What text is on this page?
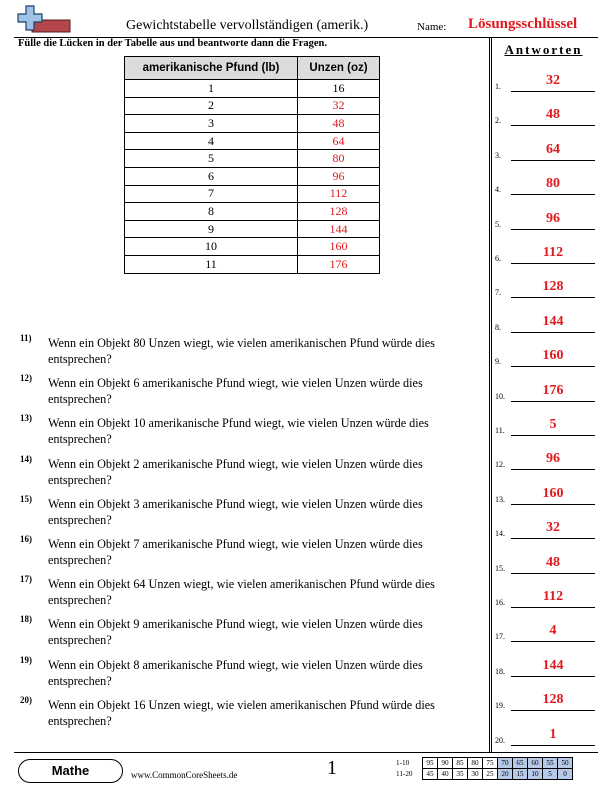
Gewichtstabelle vervollständigen (amerik.)	Name: Lösungsschlüssel
Antworten
1.	32
2.	48
3.	64
4.	80
5.	96
6.	112
7.	128
8.	144
9.	160
10.	176
11.	5
12.	96
13.	160
14.	32
15.	48
16.	112
17.	4
18.	144
19.	128
20.	1
Fülle die Lücken in der Tabelle aus und beantworte dann die Fragen.
amerikanische Pfund (lb)	Unzen (oz)
1	16
2	32
3	48
4	64
5	80
6	96
7	112
8	128
9	144
10	160
11	176
11) Wenn ein Objekt 80 Unzen wiegt, wie vielen amerikanischen Pfund würde dies entsprechen?
12) Wenn ein Objekt 6 amerikanische Pfund wiegt, wie vielen Unzen würde dies entsprechen?
13) Wenn ein Objekt 10 amerikanische Pfund wiegt, wie vielen Unzen würde dies entsprechen?
14) Wenn ein Objekt 2 amerikanische Pfund wiegt, wie vielen Unzen würde dies entsprechen?
15) Wenn ein Objekt 3 amerikanische Pfund wiegt, wie vielen Unzen würde dies entsprechen?
16) Wenn ein Objekt 7 amerikanische Pfund wiegt, wie vielen Unzen würde dies entsprechen?
17) Wenn ein Objekt 64 Unzen wiegt, wie vielen amerikanischen Pfund würde dies entsprechen?
18) Wenn ein Objekt 9 amerikanische Pfund wiegt, wie vielen Unzen würde dies entsprechen?
19) Wenn ein Objekt 8 amerikanische Pfund wiegt, wie vielen Unzen würde dies entsprechen?
20) Wenn ein Objekt 16 Unzen wiegt, wie vielen amerikanischen Pfund würde dies entsprechen?
Mathe	www.CommonCoreSheets.de	1	1-10	95	90	85	80	75	70	65	60	55	50
11-20	45	40	35	30	25	20	15	10	5	0
